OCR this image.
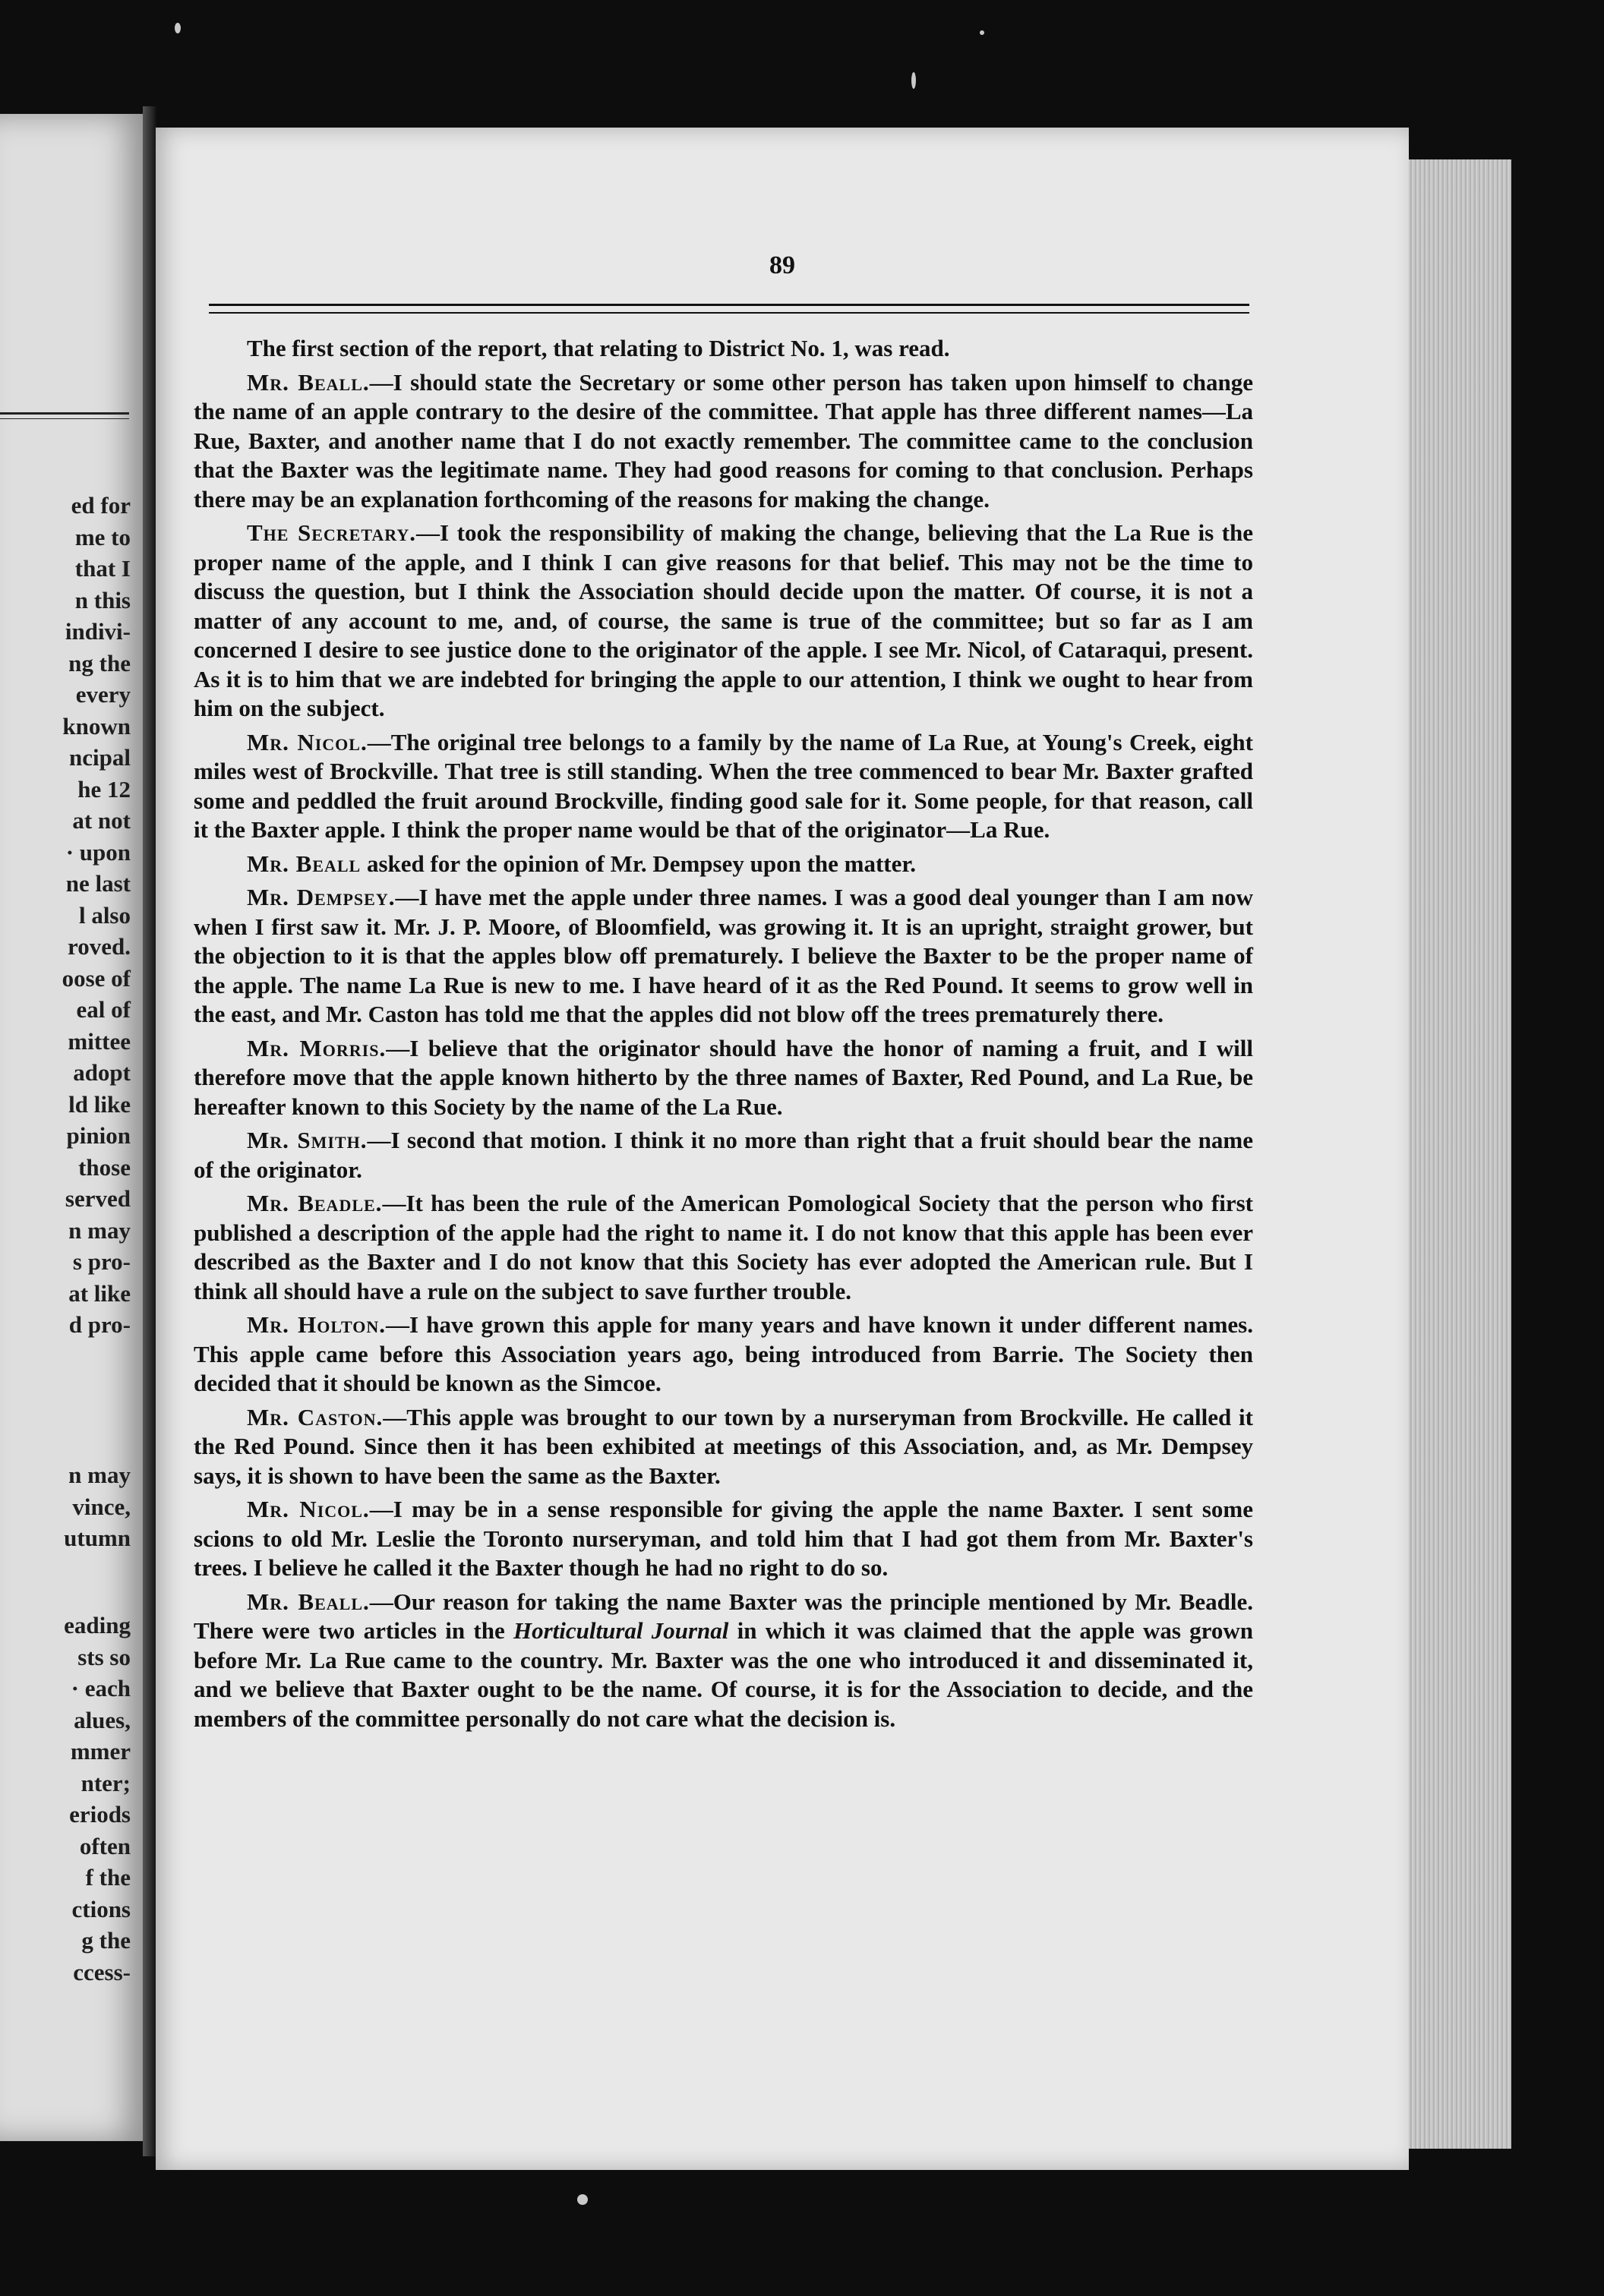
ed for
me to
that I
n this
indivi-
ng the
every
known
ncipal
he 12
at not
· upon
ne last
l also
roved.
oose of
eal of
mittee
adopt
ld like
pinion
those
served
n may
s pro-
at like
d pro-
n may
vince,
utumn
eading
sts so
· each
alues,
mmer
nter;
eriods
often
f the
ctions
g the
ccess-
89

The first section of the report, that relating to District No. 1, was read.

Mr. Beall.—I should state the Secretary or some other person has taken upon himself to change the name of an apple contrary to the desire of the committee. That apple has three different names—La Rue, Baxter, and another name that I do not exactly remember. The committee came to the conclusion that the Baxter was the legitimate name. They had good reasons for coming to that conclusion. Perhaps there may be an explanation forthcoming of the reasons for making the change.

The Secretary.—I took the responsibility of making the change, believing that the La Rue is the proper name of the apple, and I think I can give reasons for that belief. This may not be the time to discuss the question, but I think the Association should decide upon the matter. Of course, it is not a matter of any account to me, and, of course, the same is true of the committee; but so far as I am concerned I desire to see justice done to the originator of the apple. I see Mr. Nicol, of Cataraqui, present. As it is to him that we are indebted for bringing the apple to our attention, I think we ought to hear from him on the subject.

Mr. Nicol.—The original tree belongs to a family by the name of La Rue, at Young's Creek, eight miles west of Brockville. That tree is still standing. When the tree commenced to bear Mr. Baxter grafted some and peddled the fruit around Brockville, finding good sale for it. Some people, for that reason, call it the Baxter apple. I think the proper name would be that of the originator—La Rue.

Mr. Beall asked for the opinion of Mr. Dempsey upon the matter.

Mr. Dempsey.—I have met the apple under three names. I was a good deal younger than I am now when I first saw it. Mr. J. P. Moore, of Bloomfield, was growing it. It is an upright, straight grower, but the objection to it is that the apples blow off prematurely. I believe the Baxter to be the proper name of the apple. The name La Rue is new to me. I have heard of it as the Red Pound. It seems to grow well in the east, and Mr. Caston has told me that the apples did not blow off the trees prematurely there.

Mr. Morris.—I believe that the originator should have the honor of naming a fruit, and I will therefore move that the apple known hitherto by the three names of Baxter, Red Pound, and La Rue, be hereafter known to this Society by the name of the La Rue.

Mr. Smith.—I second that motion. I think it no more than right that a fruit should bear the name of the originator.

Mr. Beadle.—It has been the rule of the American Pomological Society that the person who first published a description of the apple had the right to name it. I do not know that this apple has been ever described as the Baxter and I do not know that this Society has ever adopted the American rule. But I think all should have a rule on the subject to save further trouble.

Mr. Holton.—I have grown this apple for many years and have known it under different names. This apple came before this Association years ago, being introduced from Barrie. The Society then decided that it should be known as the Simcoe.

Mr. Caston.—This apple was brought to our town by a nurseryman from Brockville. He called it the Red Pound. Since then it has been exhibited at meetings of this Association, and, as Mr. Dempsey says, it is shown to have been the same as the Baxter.

Mr. Nicol.—I may be in a sense responsible for giving the apple the name Baxter. I sent some scions to old Mr. Leslie the Toronto nurseryman, and told him that I had got them from Mr. Baxter's trees. I believe he called it the Baxter though he had no right to do so.

Mr. Beall.—Our reason for taking the name Baxter was the principle mentioned by Mr. Beadle. There were two articles in the Horticultural Journal in which it was claimed that the apple was grown before Mr. La Rue came to the country. Mr. Baxter was the one who introduced it and disseminated it, and we believe that Baxter ought to be the name. Of course, it is for the Association to decide, and the members of the committee personally do not care what the decision is.
